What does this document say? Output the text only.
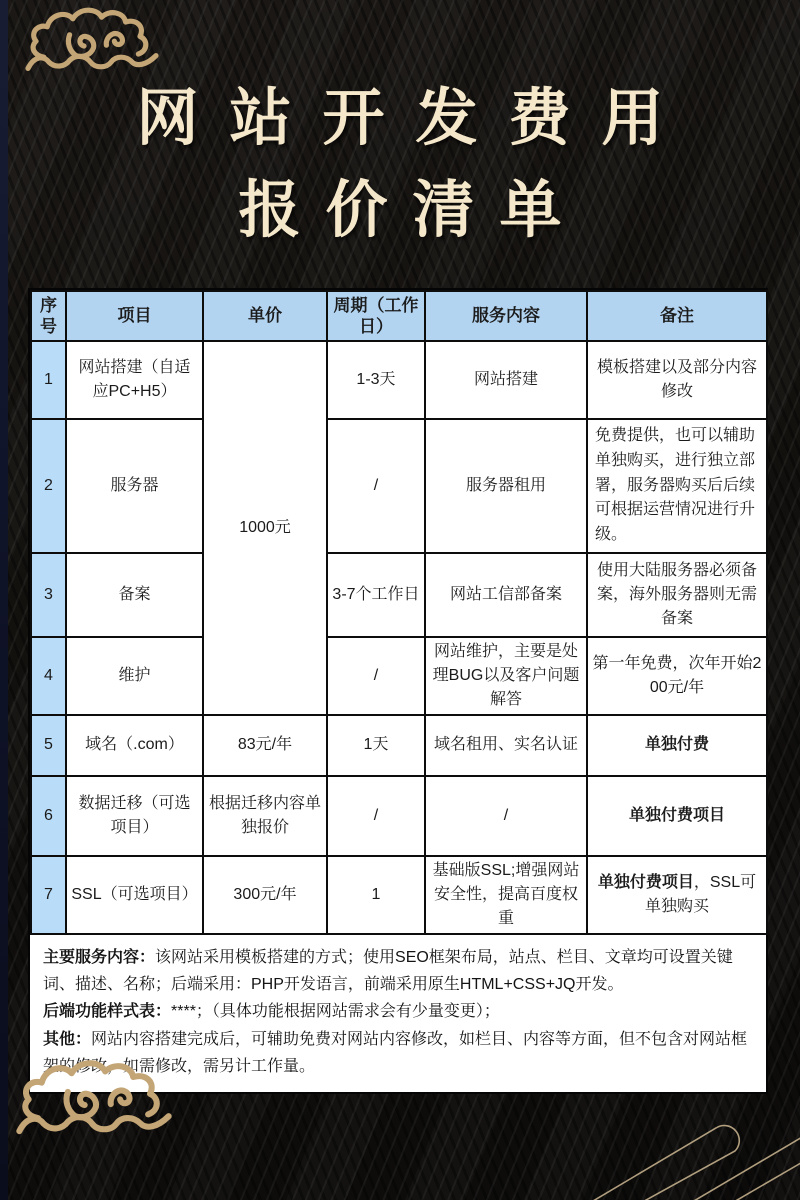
网站开发费用
报价清单
序号	项目	单价	周期（工作日）	服务内容	备注
1	网站搭建（自适应PC+H5）	1000元	1-3天	网站搭建	模板搭建以及部分内容修改
2	服务器		/	服务器租用	免费提供，也可以辅助单独购买，进行独立部署，服务器购买后后续可根据运营情况进行升级。
3	备案		3-7个工作日	网站工信部备案	使用大陆服务器必须备案，海外服务器则无需备案
4	维护		/	网站维护，主要是处理BUG以及客户问题解答	第一年免费，次年开始200元/年
5	域名（.com）	83元/年	1天	域名租用、实名认证	单独付费
6	数据迁移（可选项目）	根据迁移内容单独报价	/	/	单独付费项目
7	SSL（可选项目）	300元/年	1	基础版SSL;增强网站安全性，提高百度权重	单独付费项目，SSL可单独购买

主要服务内容：该网站采用模板搭建的方式；使用SEO框架布局，站点、栏目、文章均可设置关键词、描述、名称；后端采用：PHP开发语言，前端采用原生HTML+CSS+JQ开发。

后端功能样式表：****；（具体功能根据网站需求会有少量变更）；

其他：网站内容搭建完成后，可辅助免费对网站内容修改，如栏目、内容等方面，但不包含对网站框架的修改，如需修改，需另计工作量。
